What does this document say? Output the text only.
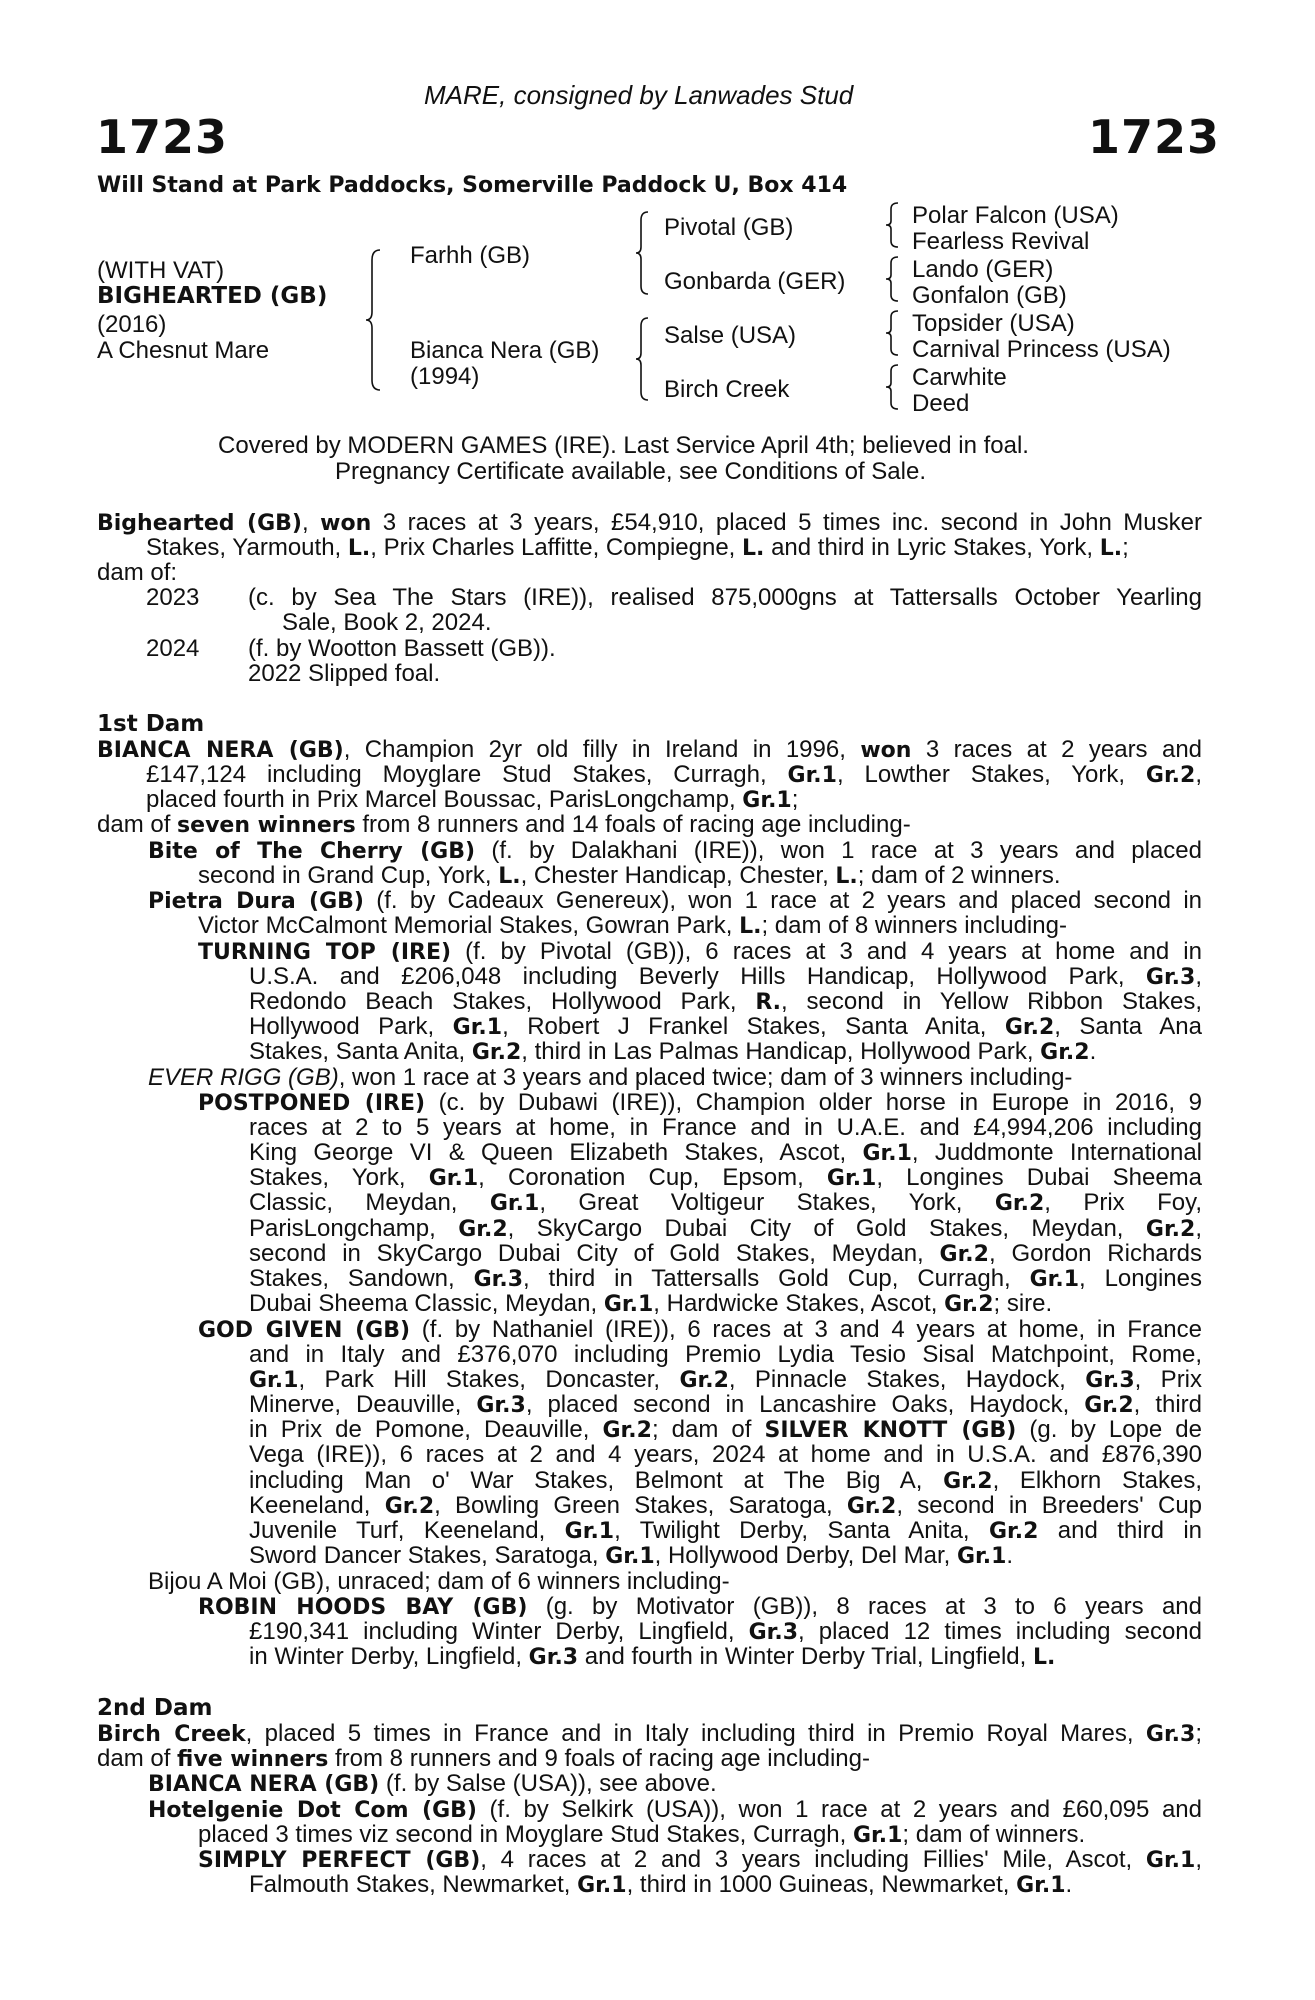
MARE, consigned by Lanwades Stud
1723	1723
Will Stand at Park Paddocks, Somerville Paddock U, Box 414
(WITH VAT)
BIGHEARTED (GB)
(2016)
A Chesnut Mare
Farhh (GB)
Bianca Nera (GB)
(1994)
Pivotal (GB)
Gonbarda (GER)
Salse (USA)
Birch Creek
Polar Falcon (USA)
Fearless Revival
Lando (GER)
Gonfalon (GB)
Topsider (USA)
Carnival Princess (USA)
Carwhite
Deed
Covered by MODERN GAMES (IRE). Last Service April 4th; believed in foal.
Pregnancy Certificate available, see Conditions of Sale.
Bighearted (GB), won 3 races at 3 years, £54,910, placed 5 times inc. second in John Musker
Stakes, Yarmouth, L., Prix Charles Laffitte, Compiegne, L. and third in Lyric Stakes, York, L.;
dam of:
2023 (c. by Sea The Stars (IRE)), realised 875,000gns at Tattersalls October Yearling
Sale, Book 2, 2024.
2024 (f. by Wootton Bassett (GB)).
2022 Slipped foal.
1st Dam
BIANCA NERA (GB), Champion 2yr old filly in Ireland in 1996, won 3 races at 2 years and
£147,124 including Moyglare Stud Stakes, Curragh, Gr.1, Lowther Stakes, York, Gr.2,
placed fourth in Prix Marcel Boussac, ParisLongchamp, Gr.1;
dam of seven winners from 8 runners and 14 foals of racing age including-
Bite of The Cherry (GB) (f. by Dalakhani (IRE)), won 1 race at 3 years and placed
second in Grand Cup, York, L., Chester Handicap, Chester, L.; dam of 2 winners.
Pietra Dura (GB) (f. by Cadeaux Genereux), won 1 race at 2 years and placed second in
Victor McCalmont Memorial Stakes, Gowran Park, L.; dam of 8 winners including-
TURNING TOP (IRE) (f. by Pivotal (GB)), 6 races at 3 and 4 years at home and in
U.S.A. and £206,048 including Beverly Hills Handicap, Hollywood Park, Gr.3,
Redondo Beach Stakes, Hollywood Park, R., second in Yellow Ribbon Stakes,
Hollywood Park, Gr.1, Robert J Frankel Stakes, Santa Anita, Gr.2, Santa Ana
Stakes, Santa Anita, Gr.2, third in Las Palmas Handicap, Hollywood Park, Gr.2.
EVER RIGG (GB), won 1 race at 3 years and placed twice; dam of 3 winners including-
POSTPONED (IRE) (c. by Dubawi (IRE)), Champion older horse in Europe in 2016, 9
races at 2 to 5 years at home, in France and in U.A.E. and £4,994,206 including
King George VI & Queen Elizabeth Stakes, Ascot, Gr.1, Juddmonte International
Stakes, York, Gr.1, Coronation Cup, Epsom, Gr.1, Longines Dubai Sheema
Classic, Meydan, Gr.1, Great Voltigeur Stakes, York, Gr.2, Prix Foy,
ParisLongchamp, Gr.2, SkyCargo Dubai City of Gold Stakes, Meydan, Gr.2,
second in SkyCargo Dubai City of Gold Stakes, Meydan, Gr.2, Gordon Richards
Stakes, Sandown, Gr.3, third in Tattersalls Gold Cup, Curragh, Gr.1, Longines
Dubai Sheema Classic, Meydan, Gr.1, Hardwicke Stakes, Ascot, Gr.2; sire.
GOD GIVEN (GB) (f. by Nathaniel (IRE)), 6 races at 3 and 4 years at home, in France
and in Italy and £376,070 including Premio Lydia Tesio Sisal Matchpoint, Rome,
Gr.1, Park Hill Stakes, Doncaster, Gr.2, Pinnacle Stakes, Haydock, Gr.3, Prix
Minerve, Deauville, Gr.3, placed second in Lancashire Oaks, Haydock, Gr.2, third
in Prix de Pomone, Deauville, Gr.2; dam of SILVER KNOTT (GB) (g. by Lope de
Vega (IRE)), 6 races at 2 and 4 years, 2024 at home and in U.S.A. and £876,390
including Man o' War Stakes, Belmont at The Big A, Gr.2, Elkhorn Stakes,
Keeneland, Gr.2, Bowling Green Stakes, Saratoga, Gr.2, second in Breeders' Cup
Juvenile Turf, Keeneland, Gr.1, Twilight Derby, Santa Anita, Gr.2 and third in
Sword Dancer Stakes, Saratoga, Gr.1, Hollywood Derby, Del Mar, Gr.1.
Bijou A Moi (GB), unraced; dam of 6 winners including-
ROBIN HOODS BAY (GB) (g. by Motivator (GB)), 8 races at 3 to 6 years and
£190,341 including Winter Derby, Lingfield, Gr.3, placed 12 times including second
in Winter Derby, Lingfield, Gr.3 and fourth in Winter Derby Trial, Lingfield, L.
2nd Dam
Birch Creek, placed 5 times in France and in Italy including third in Premio Royal Mares, Gr.3;
dam of five winners from 8 runners and 9 foals of racing age including-
BIANCA NERA (GB) (f. by Salse (USA)), see above.
Hotelgenie Dot Com (GB) (f. by Selkirk (USA)), won 1 race at 2 years and £60,095 and
placed 3 times viz second in Moyglare Stud Stakes, Curragh, Gr.1; dam of winners.
SIMPLY PERFECT (GB), 4 races at 2 and 3 years including Fillies' Mile, Ascot, Gr.1,
Falmouth Stakes, Newmarket, Gr.1, third in 1000 Guineas, Newmarket, Gr.1.
